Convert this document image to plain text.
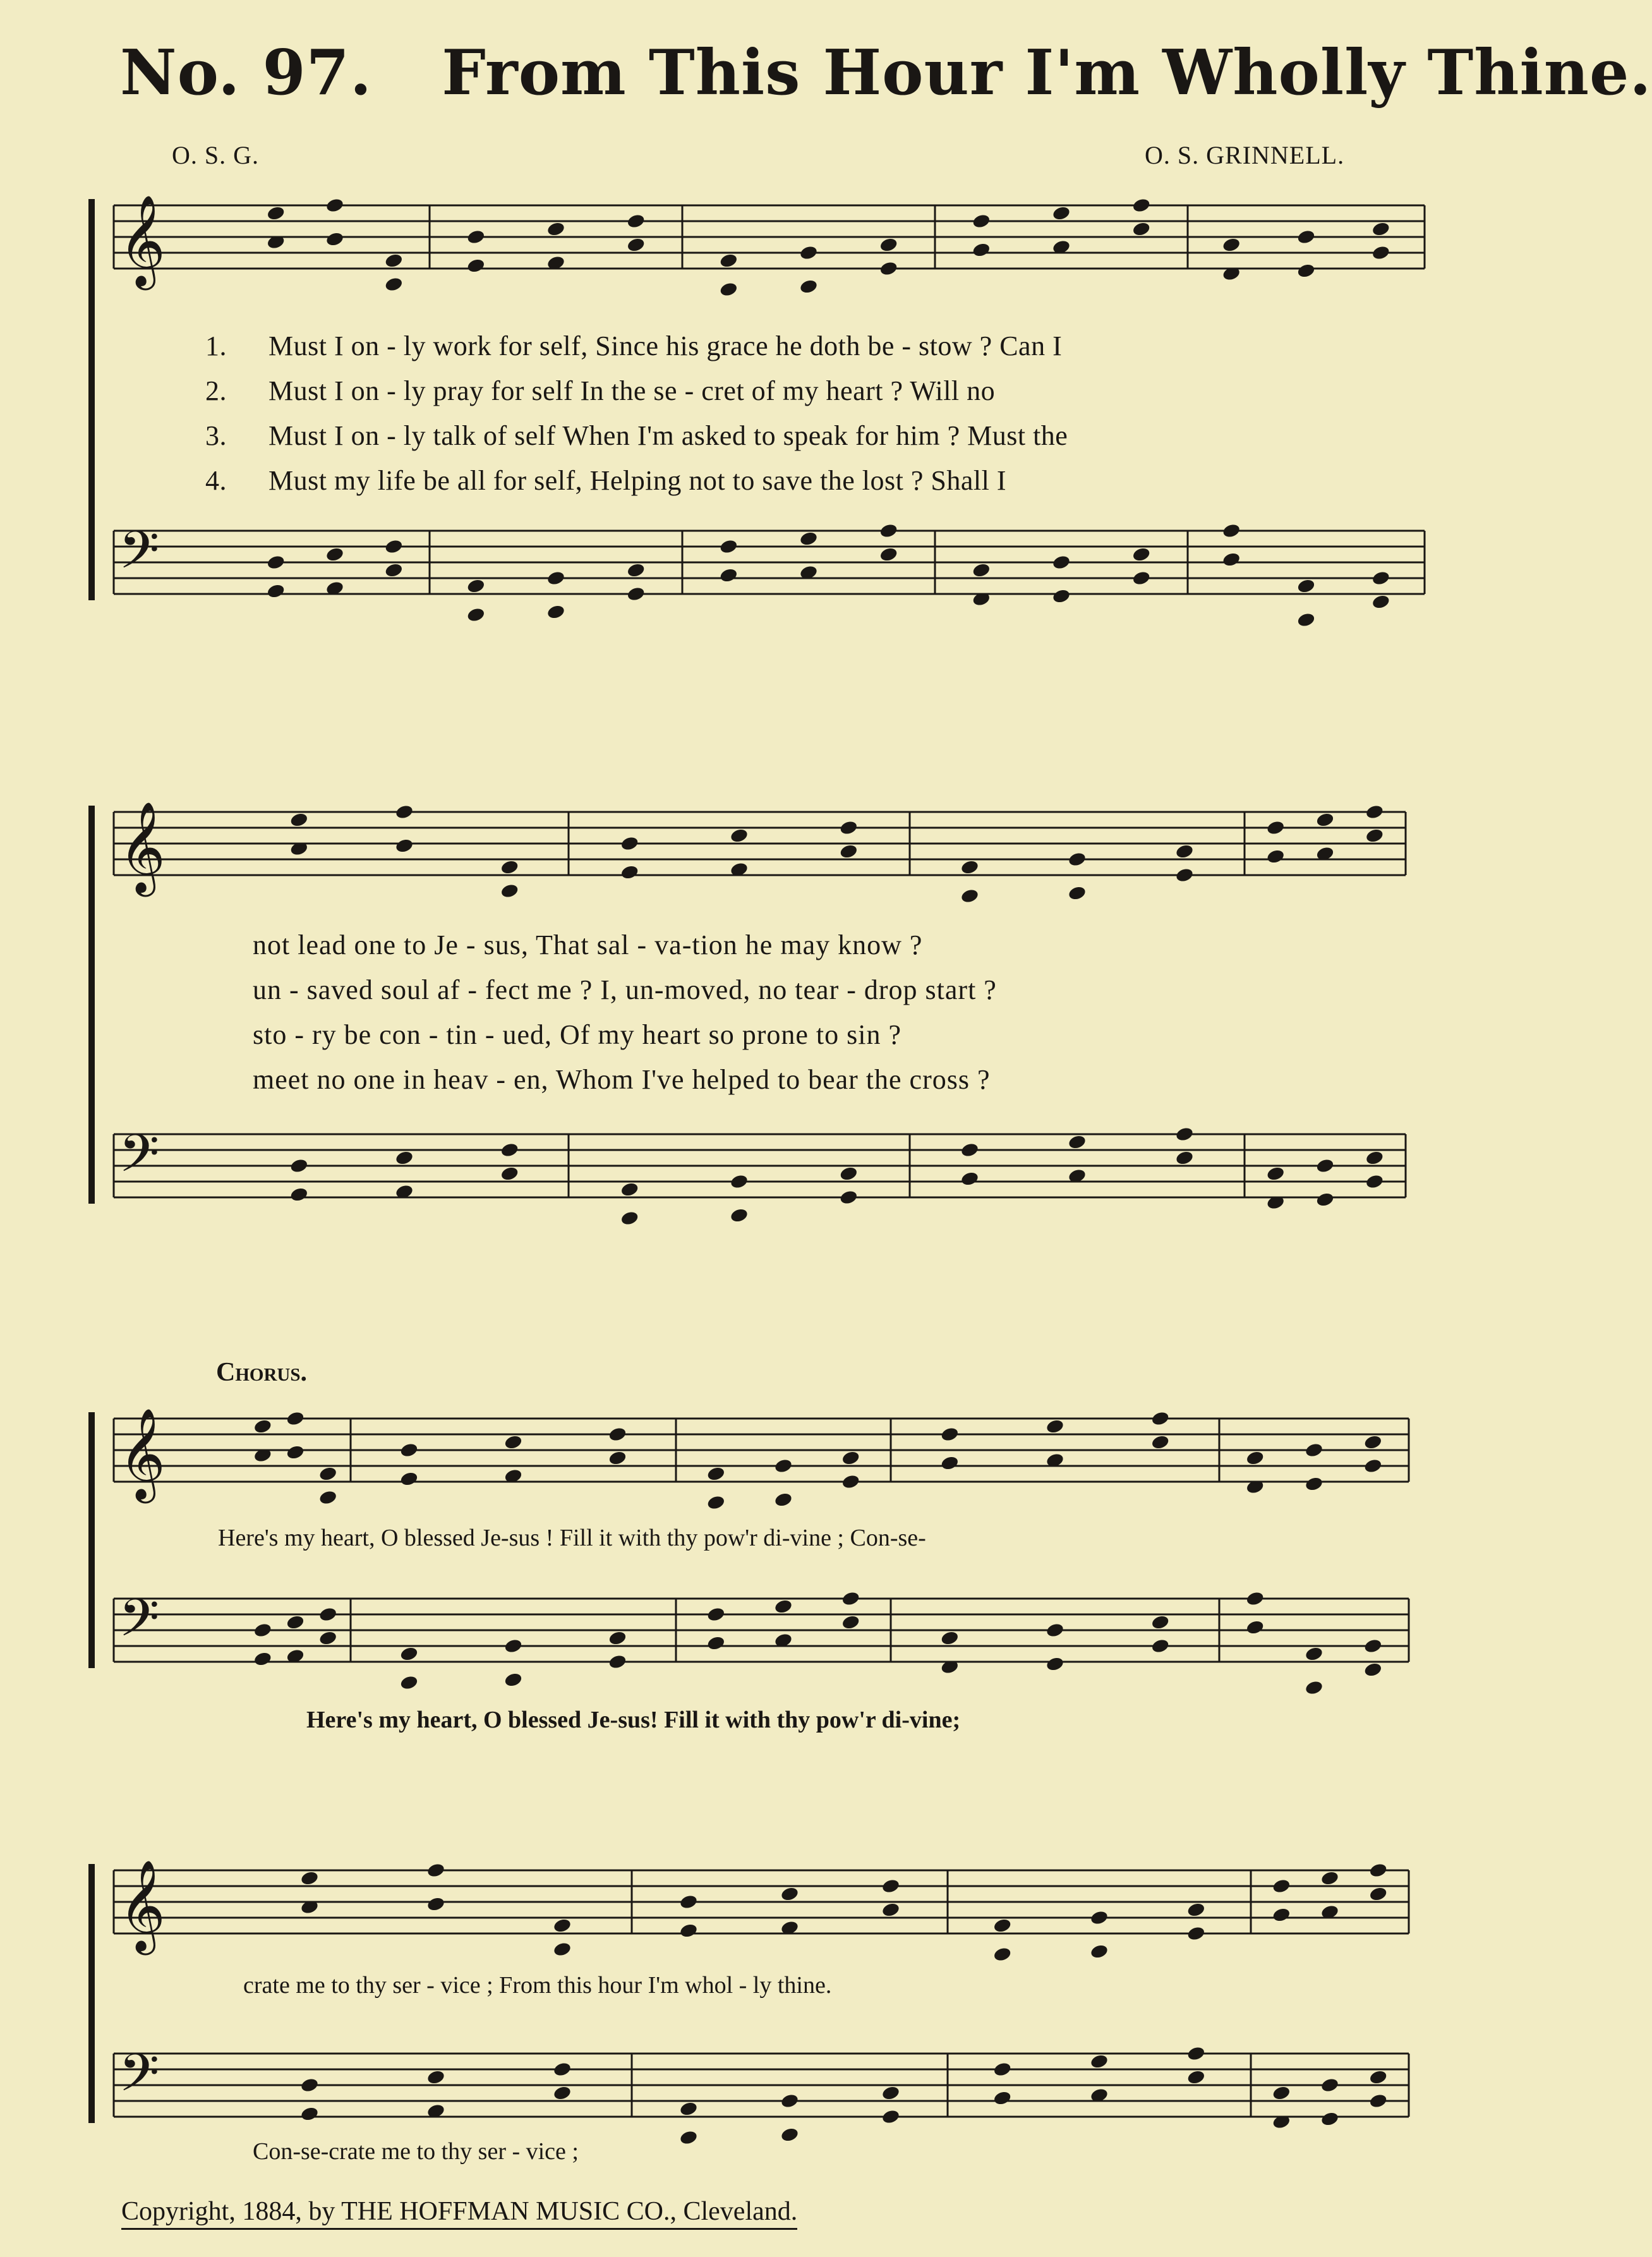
No. 97. From This Hour I'm Wholly Thine.
O. S. G.	O. S. GRINNELL.
𝄞
𝄢
𝄞
𝄢
𝄞
𝄢
𝄞
𝄢
1. Must I on - ly work for self, Since his grace he doth be - stow ? Can I
2. Must I on - ly pray for self In the se - cret of my heart ? Will no
3. Must I on - ly talk of self When I'm asked to speak for him ? Must the
4. Must my life be all for self, Helping not to save the lost ? Shall I
not lead one to Je - sus, That sal - va-tion he may know ?
un - saved soul af - fect me ? I, un-moved, no tear - drop start ?
sto - ry be con - tin - ued, Of my heart so prone to sin ?
meet no one in heav - en, Whom I've helped to bear the cross ?
Chorus.
Here's my heart, O blessed Je-sus ! Fill it with thy pow'r di-vine ; Con-se-
Here's my heart, O blessed Je-sus! Fill it with thy pow'r di-vine;
crate me to thy ser - vice ; From this hour I'm whol - ly thine.
Con-se-crate me to thy ser - vice ;
Copyright, 1884, by THE HOFFMAN MUSIC CO., Cleveland.
